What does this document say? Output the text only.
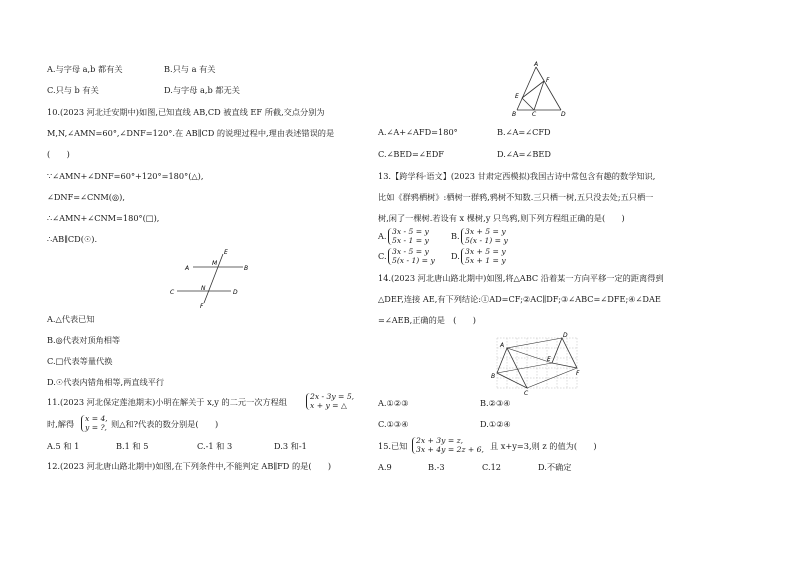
A.与字母 a,b 都有关	B.只与 a 有关
C.只与 b 有关	D.与字母 a,b 都无关
10.(2023 河北迁安期中)如图,已知直线 AB,CD 被直线 EF 所截,交点分别为
M,N,∠AMN=60°,∠DNF=120°.在 AB∥CD 的说理过程中,理由表述错误的是
(　　)
∵∠AMN+∠DNF=60°+120°=180°(△),
∠DNF=∠CNM(◎),
∴∠AMN+∠CNM=180°(□),
∴AB∥CD(☉).
A	B
C	D
E
F
M
N
A.△代表已知
B.◎代表对顶角相等
C.□代表等量代换
D.☉代表内错角相等,两直线平行
11.(2023 河北保定莲池期末)小明在解关于 x,y 的二元一次方程组
2x - 3y = 5,
x + y = △
时,解得
x = 4,
y = ?, 则△和?代表的数分别是(　　)
A.5 和 1	B.1 和 5	C.-1 和 3	D.3 和-1
12.(2023 河北唐山路北期中)如图,在下列条件中,不能判定 AB∥FD 的是(　　)
A
E
F
B	C	D
A.∠A+∠AFD=180°	B.∠A=∠CFD
C.∠BED=∠EDF	D.∠A=∠BED
13.【跨学科·语文】(2023 甘肃定西模拟)我国古诗中常包含有趣的数学知识,
比如《群鸦栖树》:栖树一群鸦,鸦树不知数.三只栖一树,五只没去处;五只栖一
树,闲了一棵树.若设有 x 棵树,y 只鸟鸦,则下列方程组正确的是(　　)
A. 3x - 5 = y
5x - 1 = y	B. 3x + 5 = y
5(x - 1) = y
C. 3x - 5 = y
5(x - 1) = y D. 3x + 5 = y
5x + 1 = y
14.(2023 河北唐山路北期中)如图,将△ABC 沿着某一方向平移一定的距离得到
△DEF,连接 AE,有下列结论:①AD=CF;②AC∥DF;③∠ABC=∠DFE;④∠DAE
=∠AEB,正确的是　(　　)
A
B
C
D
E
F
A.①②③	B.②③④
C.①③④	D.①②④
15.已知
2x + 3y = z,
3x + 4y = 2z + 6, 且 x+y=3,则 z 的值为(　　)
A.9	B.-3	C.12	D.不确定
